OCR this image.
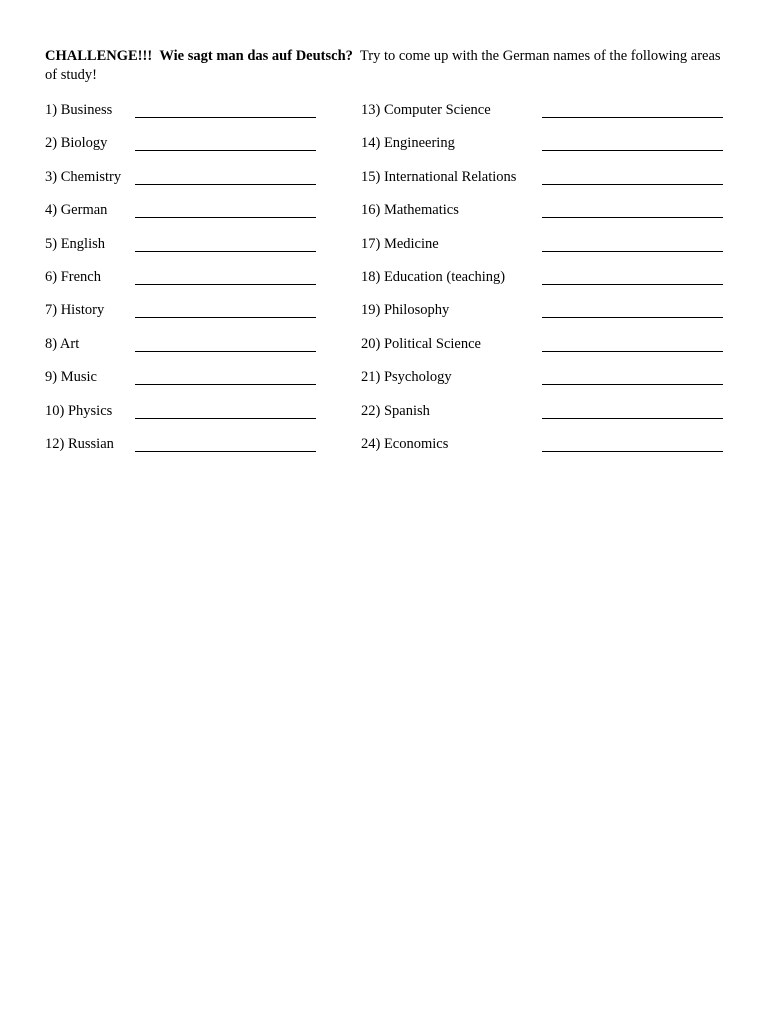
CHALLENGE!!! Wie sagt man das auf Deutsch? Try to come up with the German names of the following areas of study!
1) Business
2) Biology
3) Chemistry
4) German
5) English
6) French
7) History
8) Art
9) Music
10) Physics
12) Russian
13) Computer Science
14) Engineering
15) International Relations
16) Mathematics
17) Medicine
18) Education (teaching)
19) Philosophy
20) Political Science
21) Psychology
22) Spanish
24) Economics
